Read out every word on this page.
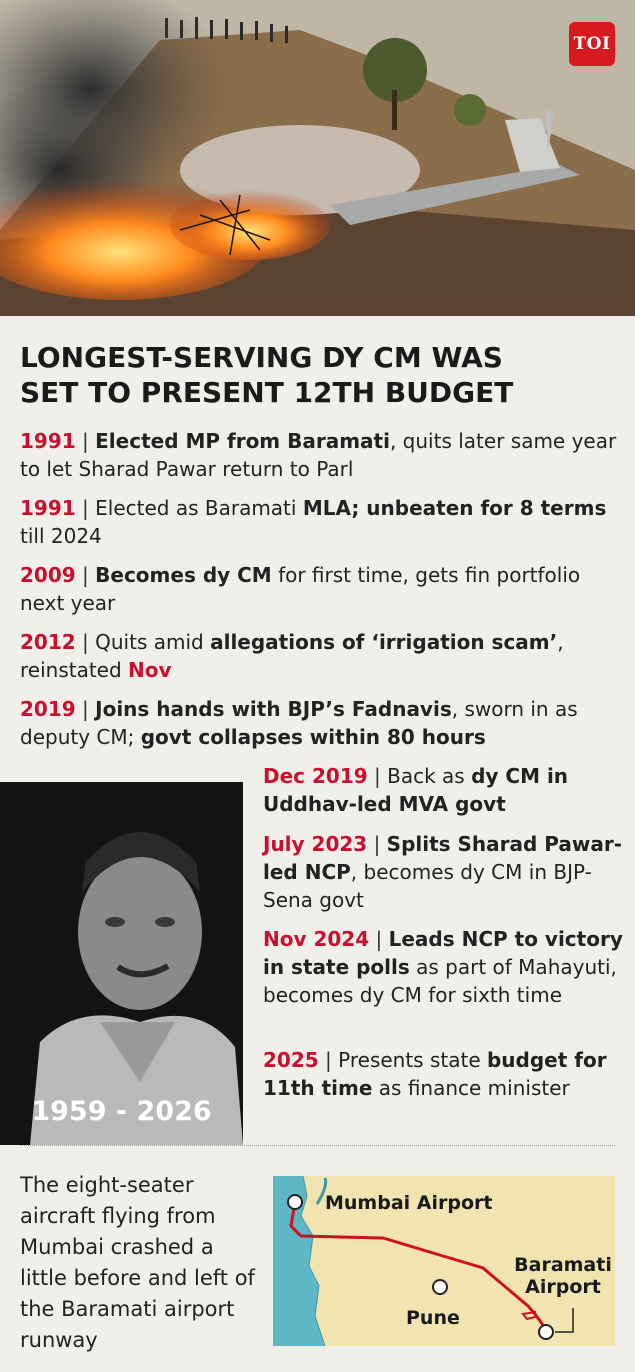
TOI
LONGEST-SERVING DY CM WAS
SET TO PRESENT 12TH BUDGET
1991 | Elected MP from Baramati, quits later same year to let Sharad Pawar return to Parl
1991 | Elected as Baramati MLA; unbeaten for 8 terms till 2024
2009 | Becomes dy CM for first time, gets fin portfolio next year
2012 | Quits amid allegations of ‘irrigation scam’, reinstated Nov
2019 | Joins hands with BJP’s Fadnavis, sworn in as deputy CM; govt collapses within 80 hours
1959 - 2026
Dec 2019 | Back as dy CM in Uddhav-led MVA govt
July 2023 | Splits Sharad Pawar-led NCP, becomes dy CM in BJP-Sena govt
Nov 2024 | Leads NCP to victory in state polls as part of Mahayuti, becomes dy CM for sixth time
2025 | Presents state budget for 11th time as finance minister
The eight-seater aircraft flying from Mumbai crashed a little before and left of the Baramati airport runway
Mumbai Airport
Pune
Baramati
Airport
